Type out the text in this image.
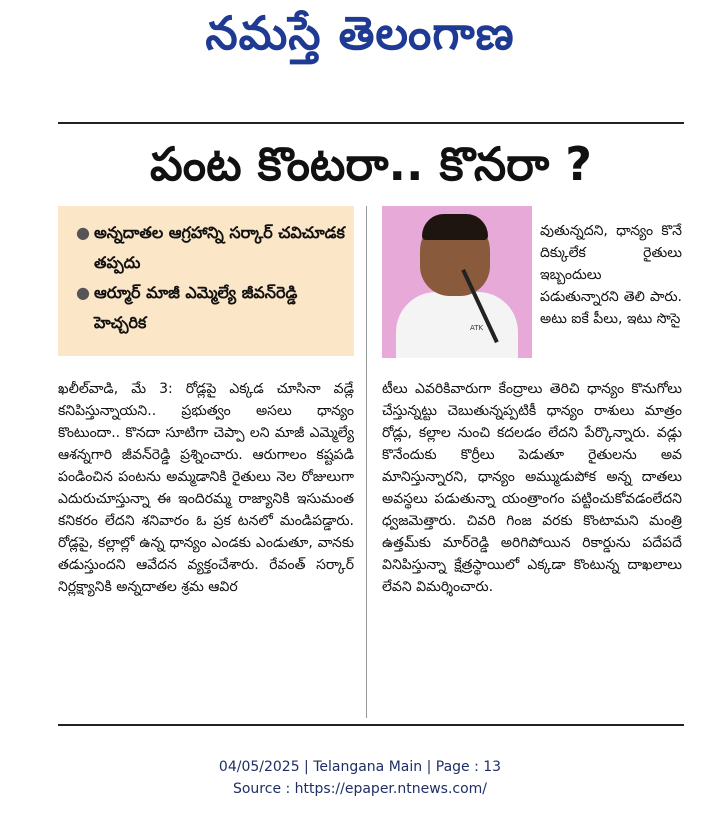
నమస్తే తెలంగాణ
పంట కొంటరా.. కొనరా ?
● అన్నదాతల ఆగ్రహాన్ని సర్కార్ చవిచూడక తప్పదు
● ఆర్మూర్ మాజీ ఎమ్మెల్యే జీవన్‌రెడ్డి హెచ్చరిక	ATK

వుతున్నదని, ధాన్యం కొనే దిక్కులేక రైతులు ఇబ్బందులు పడుతున్నారని తెలి పారు. అటు ఐకే పీలు, ఇటు సొసై

ఖలీల్‌వాడి, మే 3: రోడ్లపై ఎక్కడ చూసినా వడ్లే కనిపిస్తున్నాయని.. ప్రభుత్వం అసలు ధాన్యం కొంటుందా.. కొనదా సూటిగా చెప్పా లని మాజీ ఎమ్మెల్యే ఆశన్నగారి జీవన్‌రెడ్డి ప్రశ్నించారు. ఆరుగాలం కష్టపడి పండించిన పంటను అమ్మడానికి రైతులు నెల రోజులుగా ఎదురుచూస్తున్నా ఈ ఇందిరమ్మ రాజ్యానికి ఇసుమంత కనికరం లేదని శనివారం ఓ ప్రక టనలో మండిపడ్డారు. రోడ్లపై, కల్లాల్లో ఉన్న ధాన్యం ఎండకు ఎండుతూ, వానకు తడుస్తుందని ఆవేదన వ్యక్తంచేశారు. రేవంత్ సర్కార్ నిర్లక్ష్యానికి అన్నదాతల శ్రమ ఆవిర

టీలు ఎవరికివారుగా కేంద్రాలు తెరిచి ధాన్యం కొనుగోలు చేస్తున్నట్టు చెబుతున్నప్పటికీ ధాన్యం రాశులు మాత్రం రోడ్లు, కల్లాల నుంచి కదలడం లేదని పేర్కొన్నారు. వడ్లు కొనేందుకు కొర్రీలు పెడుతూ రైతులను అవ మానిస్తున్నారని, ధాన్యం అమ్ముడుపోక అన్న దాతలు అవస్థలు పడుతున్నా యంత్రాంగం పట్టించుకోవడంలేదని ధ్వజమెత్తారు. చివరి గింజ వరకు కొంటామని మంత్రి ఉత్తమ్‌కు మార్‌రెడ్డి అరిగిపోయిన రికార్డును పదేపదే వినిపిస్తున్నా క్షేత్రస్థాయిలో ఎక్కడా కొంటున్న దాఖలాలు లేవని విమర్శించారు.

04/05/2025 | Telangana Main | Page : 13
Source : https://epaper.ntnews.com/
